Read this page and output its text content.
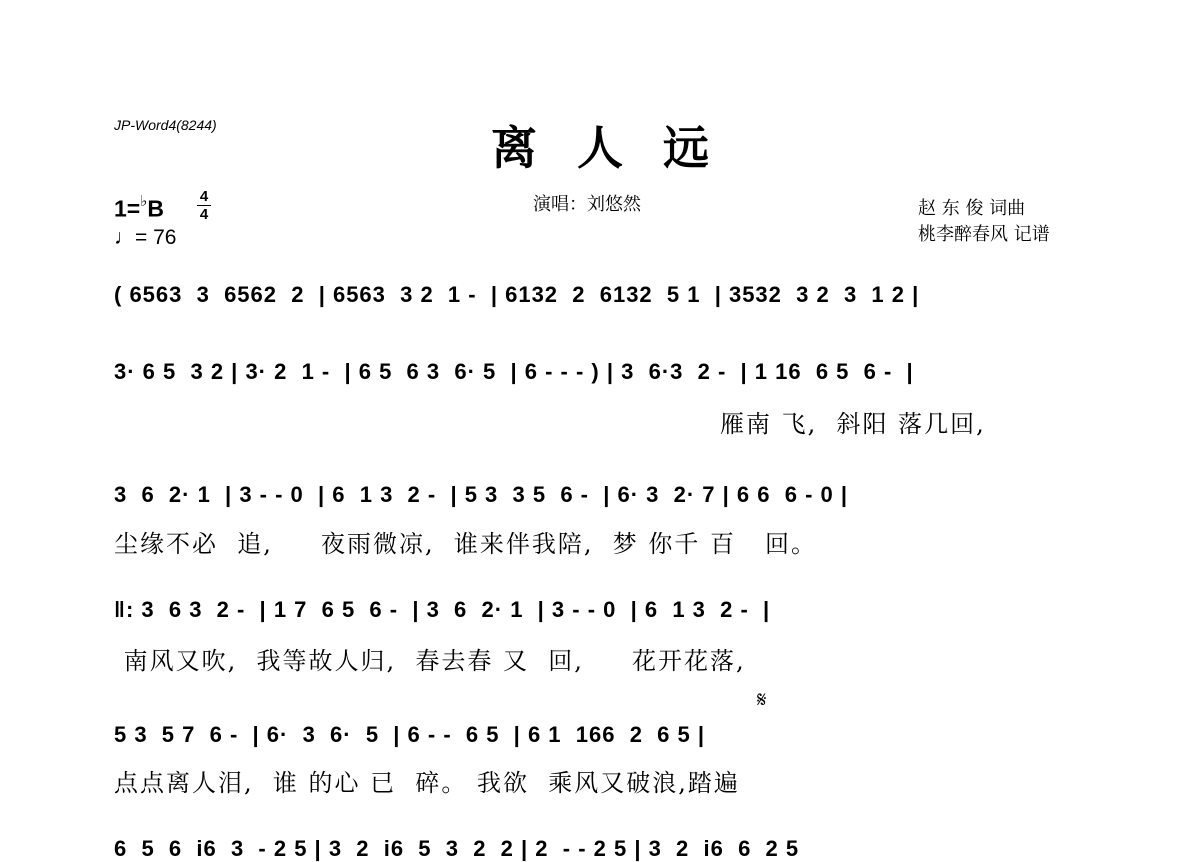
JP-Word4(8244)	离人远
演唱：刘悠然	赵 东 俊 词曲
桃李醉春风 记谱
1=♭B 4
4
♩= 76
( 6563  3  6562  2  | 6563  3 2  1 -  | 6132  2  6132  5 1  | 3532  3 2  3  1 2 |
3· 6 5  3 2 | 3· 2  1 -  | 6 5  6 3  6· 5  | 6 - - - ) | 3  6·3  2 -  | 1 16  6 5  6 -  |
雁南 飞,  斜阳 落几回,
3  6  2· 1  | 3 - - 0  | 6  1 3  2 -  | 5 3  3 5  6 -  | 6· 3  2· 7 | 6 6  6 - 0 |
尘缘不必  追,     夜雨微凉,  谁来伴我陪,  梦 你千 百   回。
‖: 3  6 3  2 -  | 1 7  6 5  6 -  | 3  6  2· 1  | 3 - - 0  | 6  1 3  2 -  |
南风又吹,  我等故人归,  春去春 又  回,     花开花落,
𝄋
5 3  5 7  6 -  | 6·  3  6·  5  | 6 - -  6 5  | 6 1  166  2  6 5 |
点点离人泪,  谁 的心 已  碎。 我欲  乘风又破浪,踏遍
6  5  6  i6  3  - 2 5 | 3  2  i6  5  3  2  2 | 2  - - 2 5 | 3  2  i6  6  2 5
